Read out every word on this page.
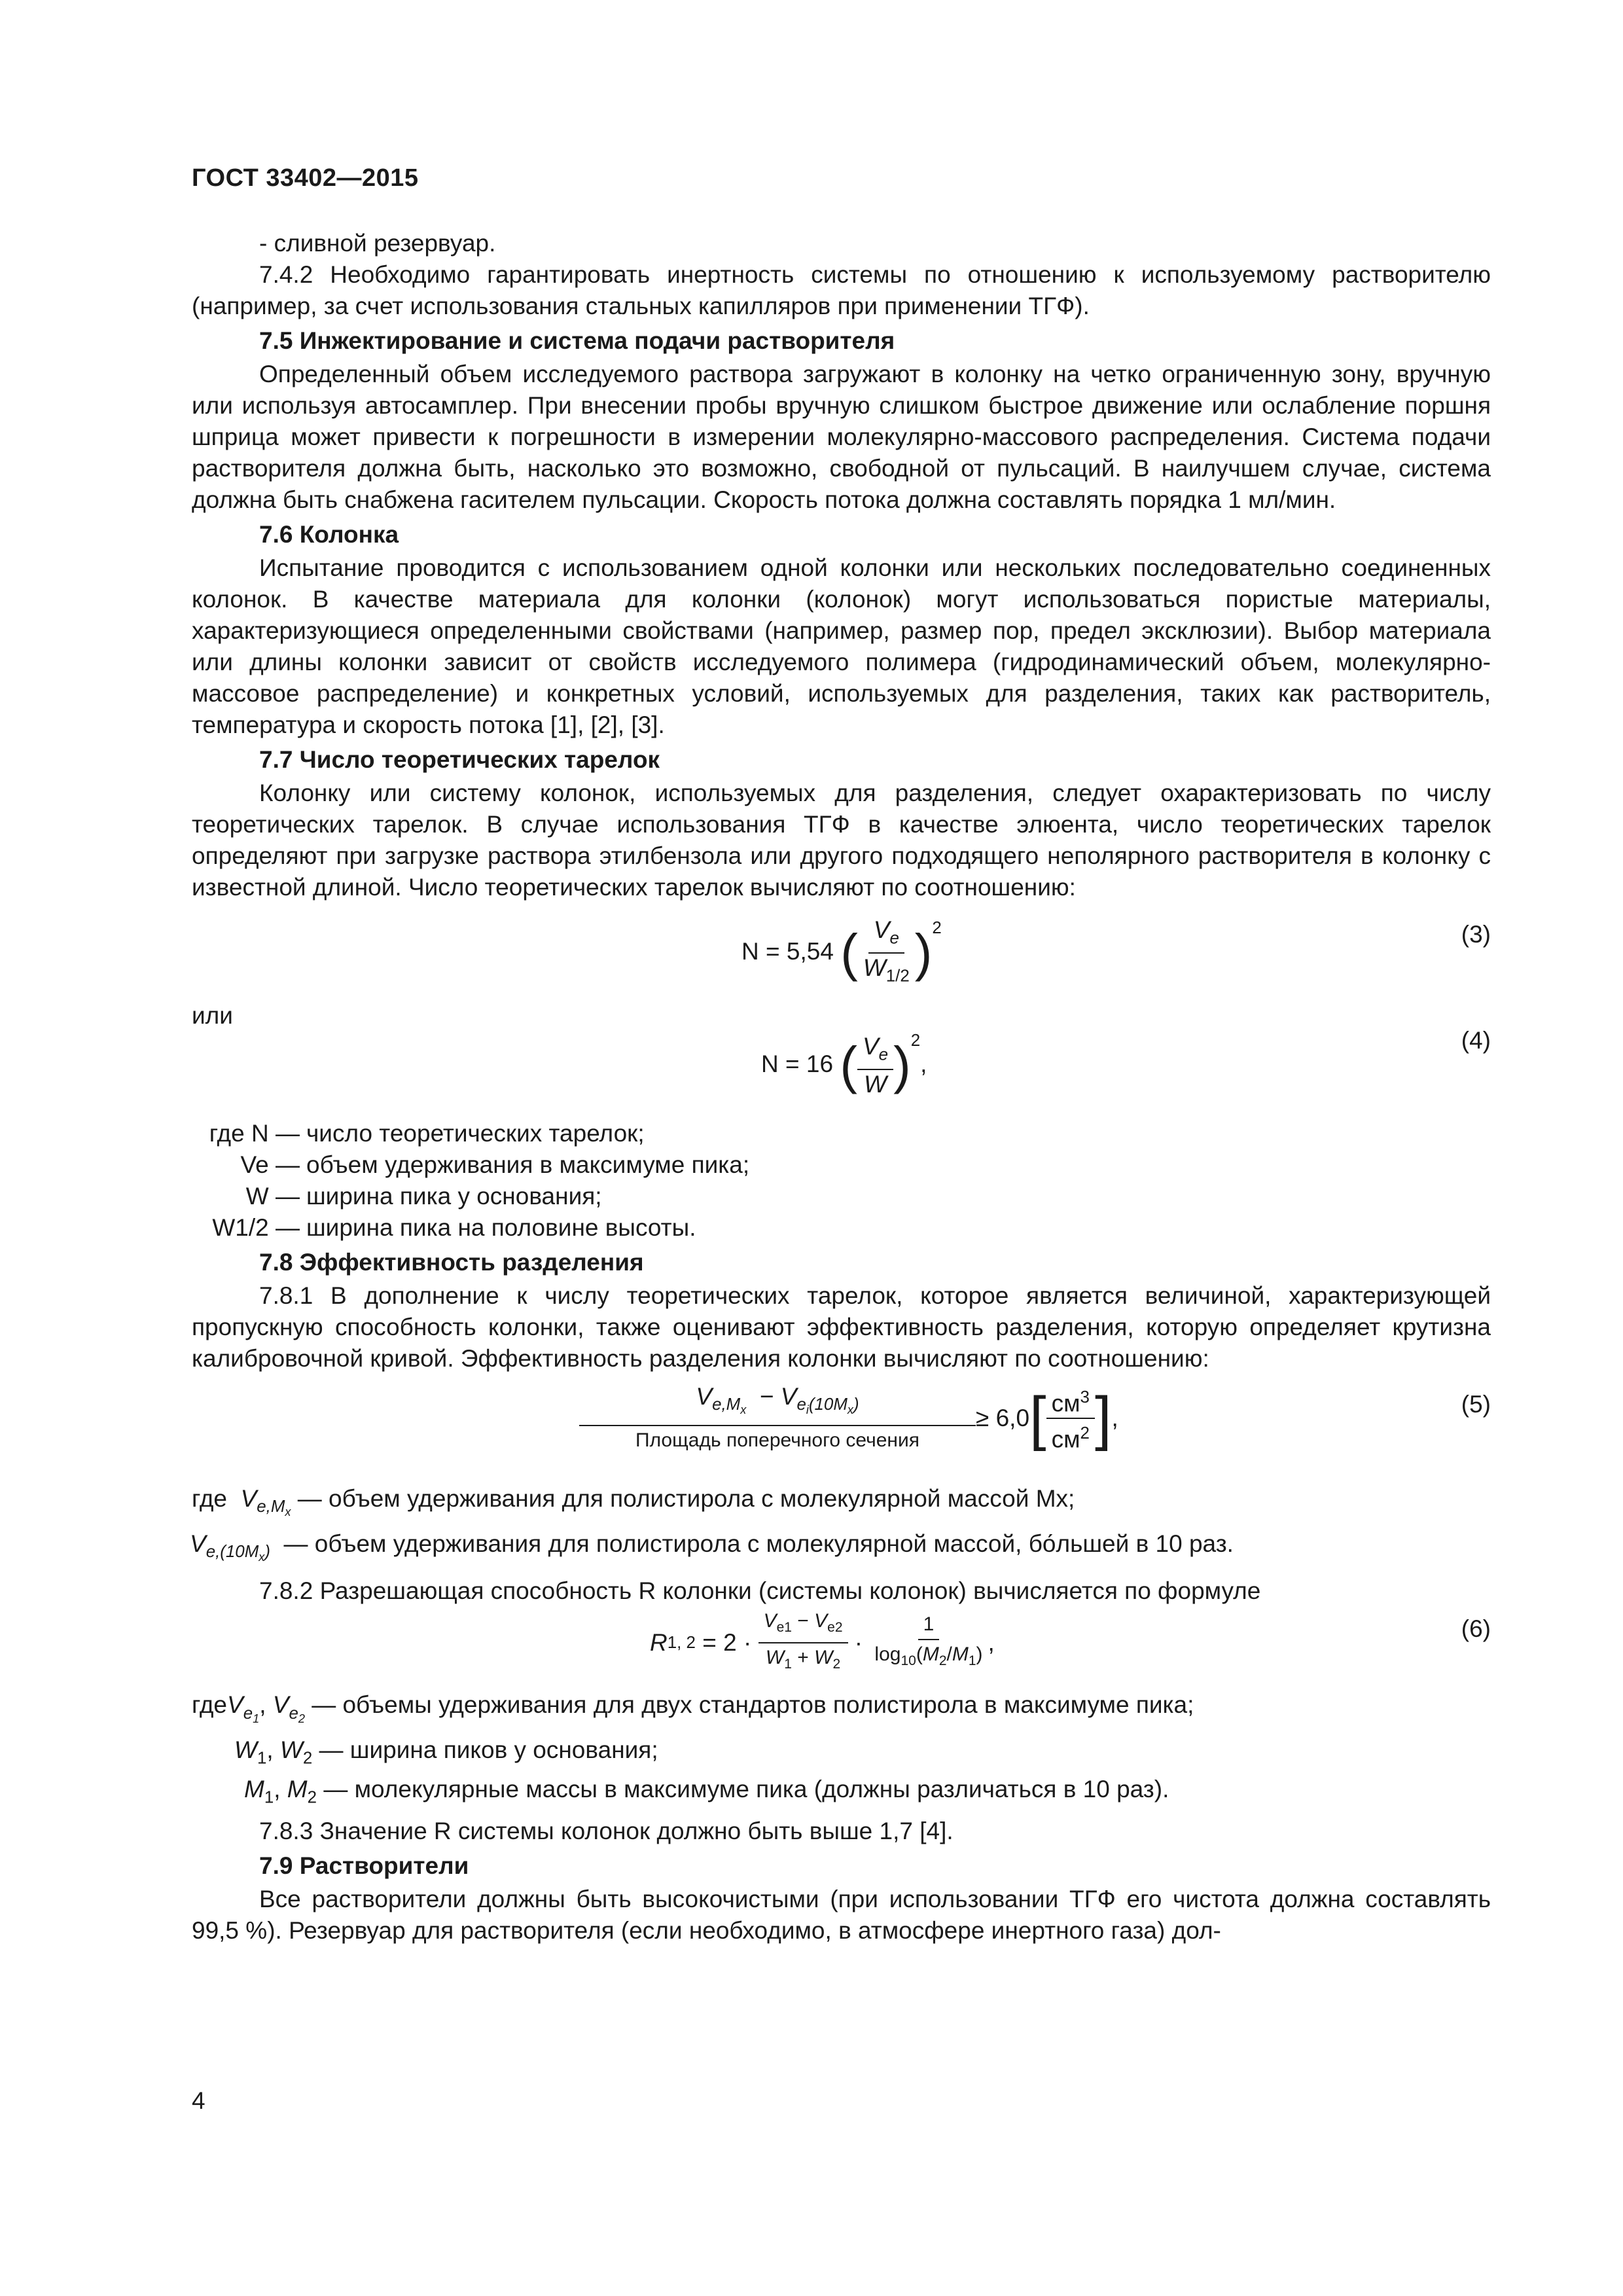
ГОСТ 33402—2015

- сливной резервуар.

7.4.2 Необходимо гарантировать инертность системы по отношению к используемому растворителю (например, за счет использования стальных капилляров при применении ТГФ).

7.5 Инжектирование и система подачи растворителя

Определенный объем исследуемого раствора загружают в колонку на четко ограниченную зону, вручную или используя автосамплер. При внесении пробы вручную слишком быстрое движение или ослабление поршня шприца может привести к погрешности в измерении молекулярно-массового распределения. Система подачи растворителя должна быть, насколько это возможно, свободной от пульсаций. В наилучшем случае, система должна быть снабжена гасителем пульсации. Скорость потока должна составлять порядка 1 мл/мин.

7.6 Колонка

Испытание проводится с использованием одной колонки или нескольких последовательно соединенных колонок. В качестве материала для колонки (колонок) могут использоваться пористые материалы, характеризующиеся определенными свойствами (например, размер пор, предел эксклюзии). Выбор материала или длины колонки зависит от свойств исследуемого полимера (гидродинамический объем, молекулярно-массовое распределение) и конкретных условий, используемых для разделения, таких как растворитель, температура и скорость потока [1], [2], [3].

7.7 Число теоретических тарелок

Колонку или систему колонок, используемых для разделения, следует охарактеризовать по числу теоретических тарелок. В случае использования ТГФ в качестве элюента, число теоретических тарелок определяют при загрузке раствора этилбензола или другого подходящего неполярного растворителя в колонку с известной длиной. Число теоретических тарелок вычисляют по соотношению:

N = 5,54 ( $\frac{V_e}{W_{1/2}} )^2$	(3)

или

N = 16 ( $\frac{V_e}{W} )^2$,
(4)
где N — число теоретических тарелок;
Ve — объем удерживания в максимуме пика;
W — ширина пика у основания;
W1/2 — ширина пика на половине высоты.

7.8 Эффективность разделения

7.8.1 В дополнение к числу теоретических тарелок, которое является величиной, характеризующей пропускную способность колонки, также оценивают эффективность разделения, которую определяет крутизна калибровочной кривой. Эффективность разделения колонки вычисляют по соотношению:

$\frac{V_{e,M_x} - V_{e_i(10M_x)}}{\text{Площадь поперечного сечения}} \ge 6,0$ [ $\frac{см^3}{см^2}$ ] ,
(5)
где  $V_{e,M_x}$ — объем удерживания для полистирола с молекулярной массой Mx;
$V_{e,(10M_x)}$ — объем удерживания для полистирола с молекулярной массой, бо́льшей в 10 раз.

7.8.2 Разрешающая способность R колонки (системы колонок) вычисляется по формуле

R 1, $2 = 2 \cdot \frac{V_{e1} - V_{e2}}{W_1 + W_2} \cdot \frac{1}{\log_{10}(M_2/M_1)}$ ,
(6)
гдеV$_{e_1}$, $V_{e_2}$ — объемы удерживания для двух стандартов полистирола в максимуме пика;
$W_1$, $W_2$ — ширина пиков у основания;
$M_1$, $M_2$ — молекулярные массы в максимуме пика (должны различаться в 10 раз).

7.8.3 Значение R системы колонок должно быть выше 1,7 [4].

7.9 Растворители

Все растворители должны быть высокочистыми (при использовании ТГФ его чистота должна составлять 99,5 %). Резервуар для растворителя (если необходимо, в атмосфере инертного газа) дол-

4
